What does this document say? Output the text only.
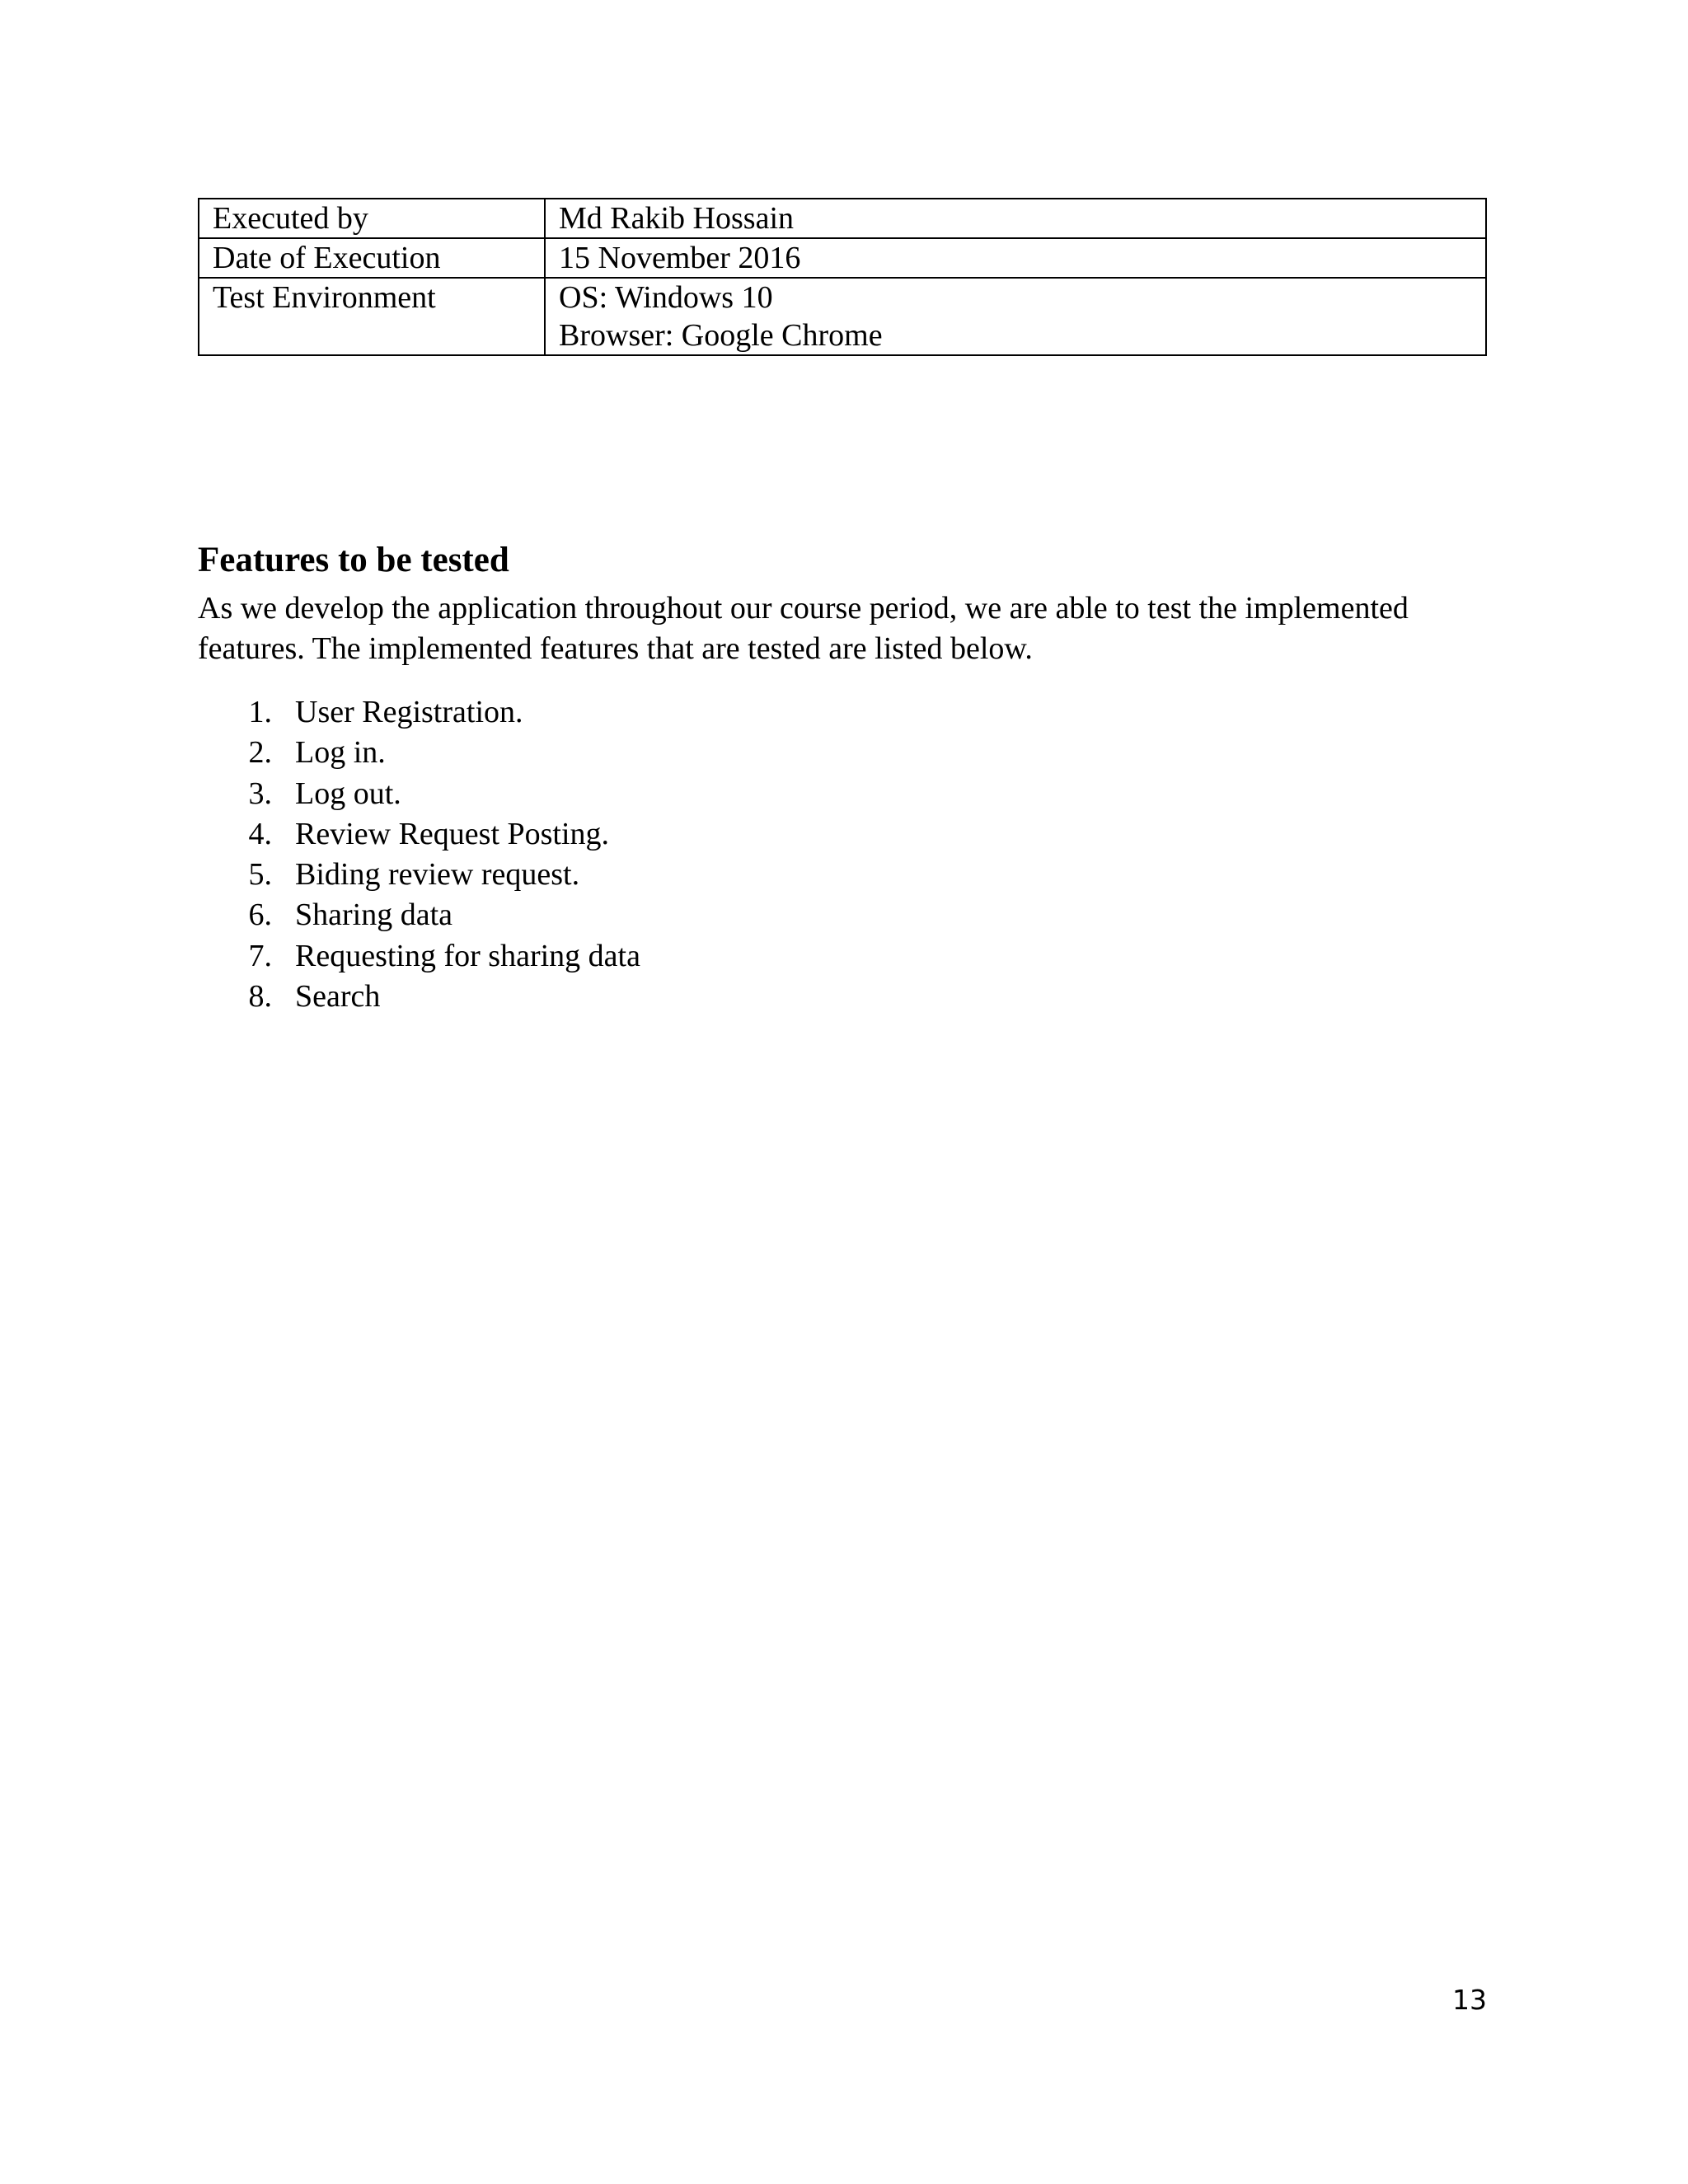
Executed by	Md Rakib Hossain

Date of Execution	15 November 2016

Test Environment	OS: Windows 10
Browser: Google Chrome
Features to be tested

As we develop the application throughout our course period, we are able to test the implemented features. The implemented features that are tested are listed below.

1. User Registration.
2. Log in.
3. Log out.
4. Review Request Posting.
5. Biding review request.
6. Sharing data
7. Requesting for sharing data
8. Search
13
